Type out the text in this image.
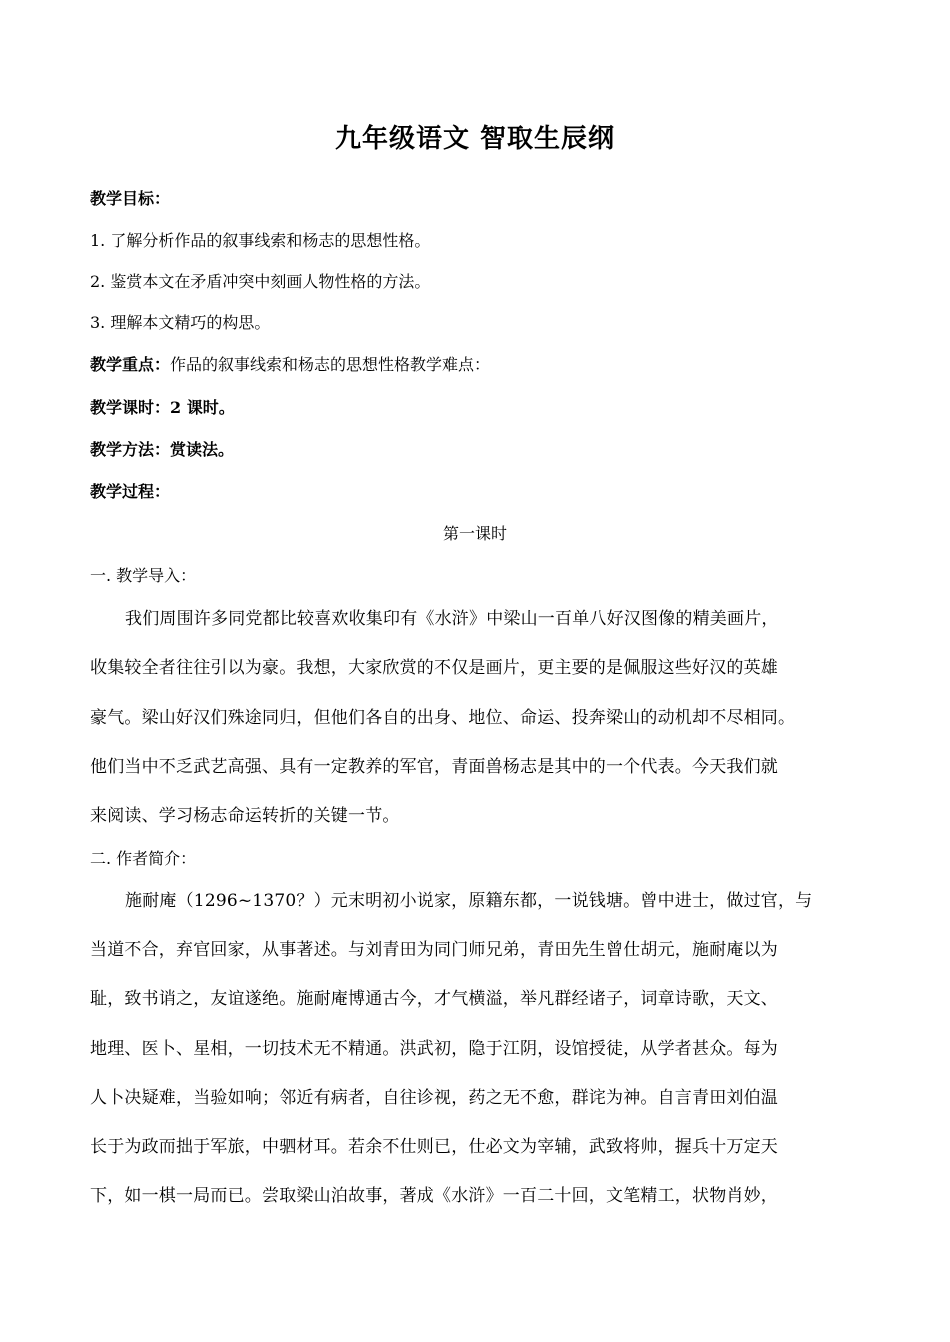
九年级语文 智取生辰纲
教学目标：
1. 了解分析作品的叙事线索和杨志的思想性格。
2. 鉴赏本文在矛盾冲突中刻画人物性格的方法。
3. 理解本文精巧的构思。
教学重点：作品的叙事线索和杨志的思想性格教学难点：
教学课时：2 课时。
教学方法：赏读法。
教学过程：
第一课时
一. 教学导入：
我们周围许多同党都比较喜欢收集印有《水浒》中梁山一百单八好汉图像的精美画片，
收集较全者往往引以为豪。我想，大家欣赏的不仅是画片，更主要的是佩服这些好汉的英雄
豪气。梁山好汉们殊途同归，但他们各自的出身、地位、命运、投奔梁山的动机却不尽相同。
他们当中不乏武艺高强、具有一定教养的军官，青面兽杨志是其中的一个代表。今天我们就
来阅读、学习杨志命运转折的关键一节。
二. 作者简介：
施耐庵（1296~1370？）元末明初小说家，原籍东都，一说钱塘。曾中进士，做过官，与
当道不合，弃官回家，从事著述。与刘青田为同门师兄弟，青田先生曾仕胡元，施耐庵以为
耻，致书诮之，友谊遂绝。施耐庵博通古今，才气横溢，举凡群经诸子，词章诗歌，天文、
地理、医卜、星相，一切技术无不精通。洪武初，隐于江阴，设馆授徒，从学者甚众。每为
人卜决疑难，当验如响；邻近有病者，自往诊视，药之无不愈，群诧为神。自言青田刘伯温
长于为政而拙于军旅，中驷材耳。若余不仕则已，仕必文为宰辅，武致将帅，握兵十万定天
下，如一棋一局而已。尝取梁山泊故事，著成《水浒》一百二十回，文笔精工，状物肖妙，
